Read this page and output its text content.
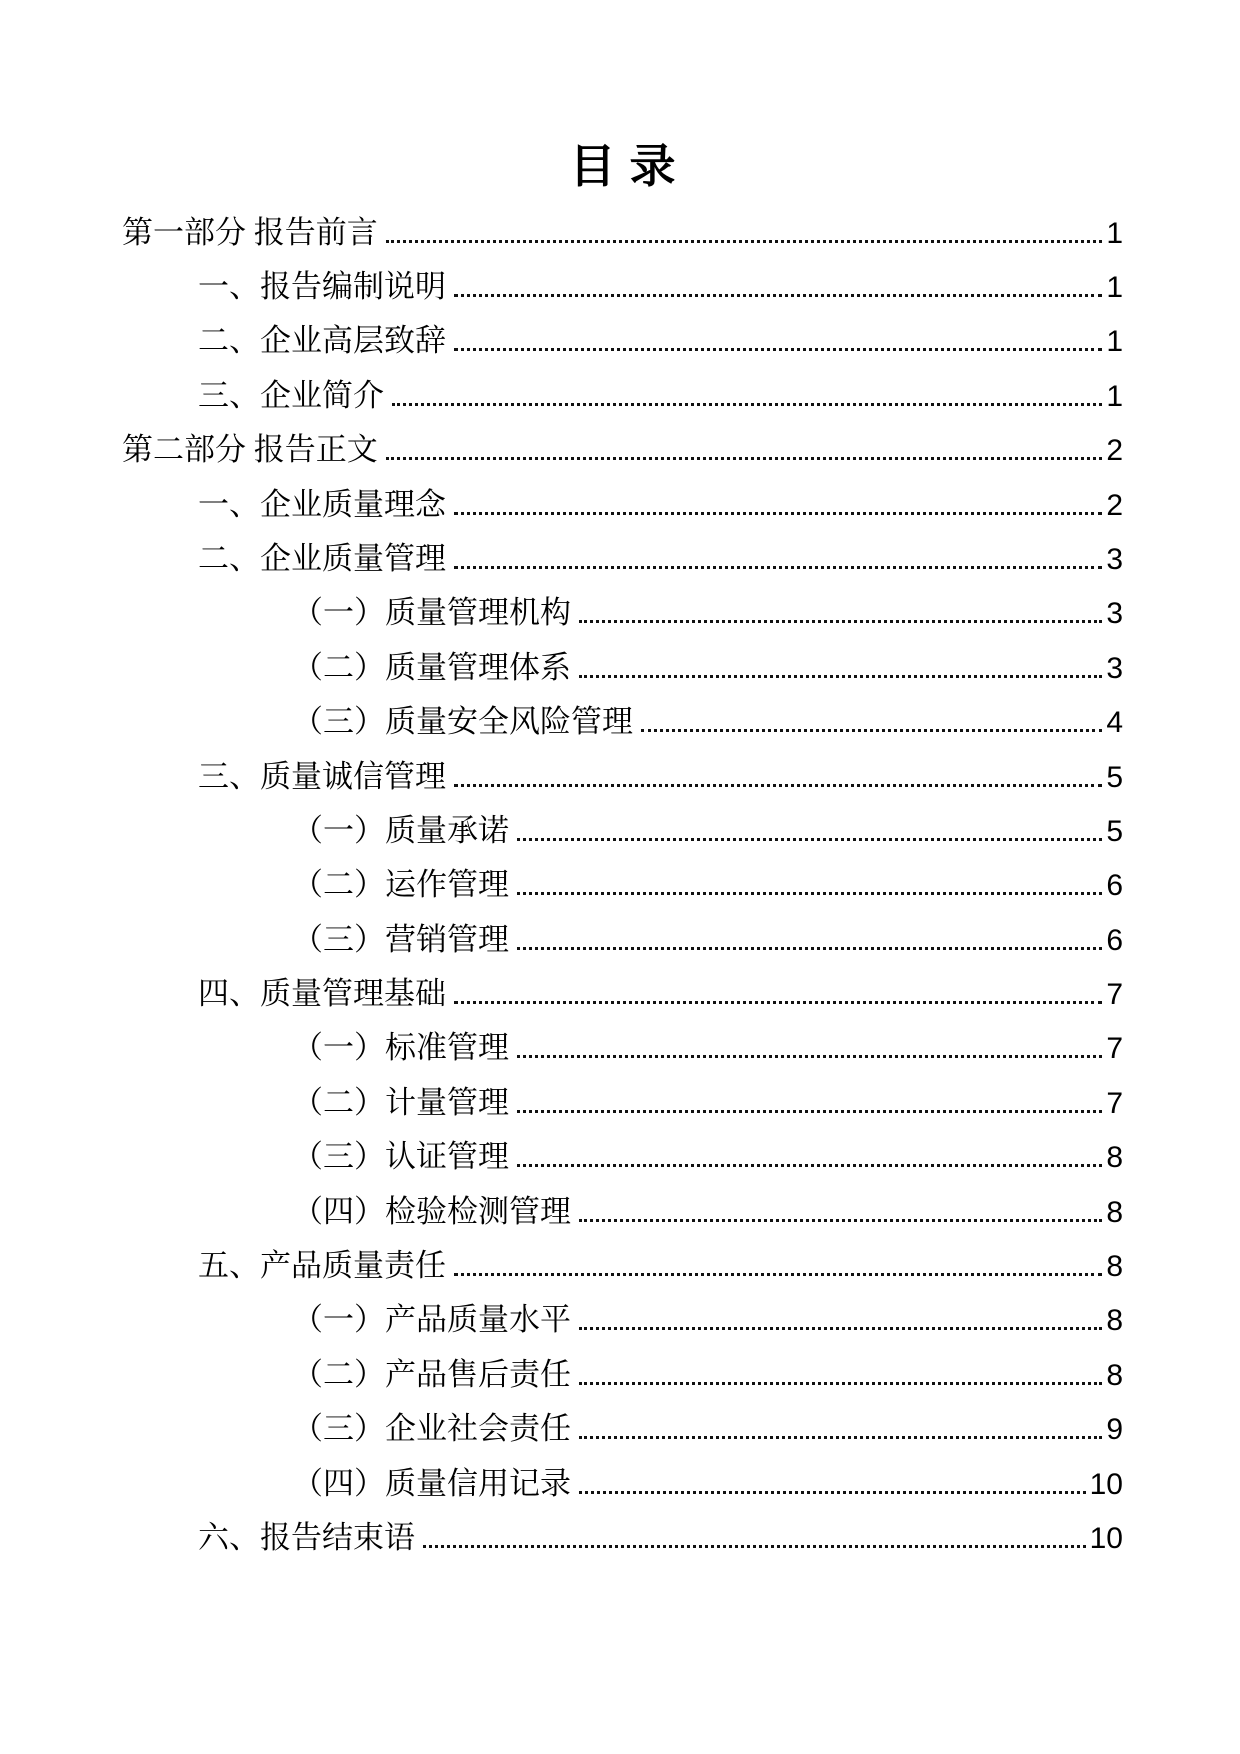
目录
第一部分 报告前言	1
一、报告编制说明	1
二、企业高层致辞	1
三、企业简介	1
第二部分 报告正文	2
一、企业质量理念	2
二、企业质量管理	3
（一）质量管理机构	3
（二）质量管理体系	3
（三）质量安全风险管理	4
三、质量诚信管理	5
（一）质量承诺	5
（二）运作管理	6
（三）营销管理	6
四、质量管理基础	7
（一）标准管理	7
（二）计量管理	7
（三）认证管理	8
（四）检验检测管理	8
五、产品质量责任	8
（一）产品质量水平	8
（二）产品售后责任	8
（三）企业社会责任	9
（四）质量信用记录	10
六、报告结束语	10
